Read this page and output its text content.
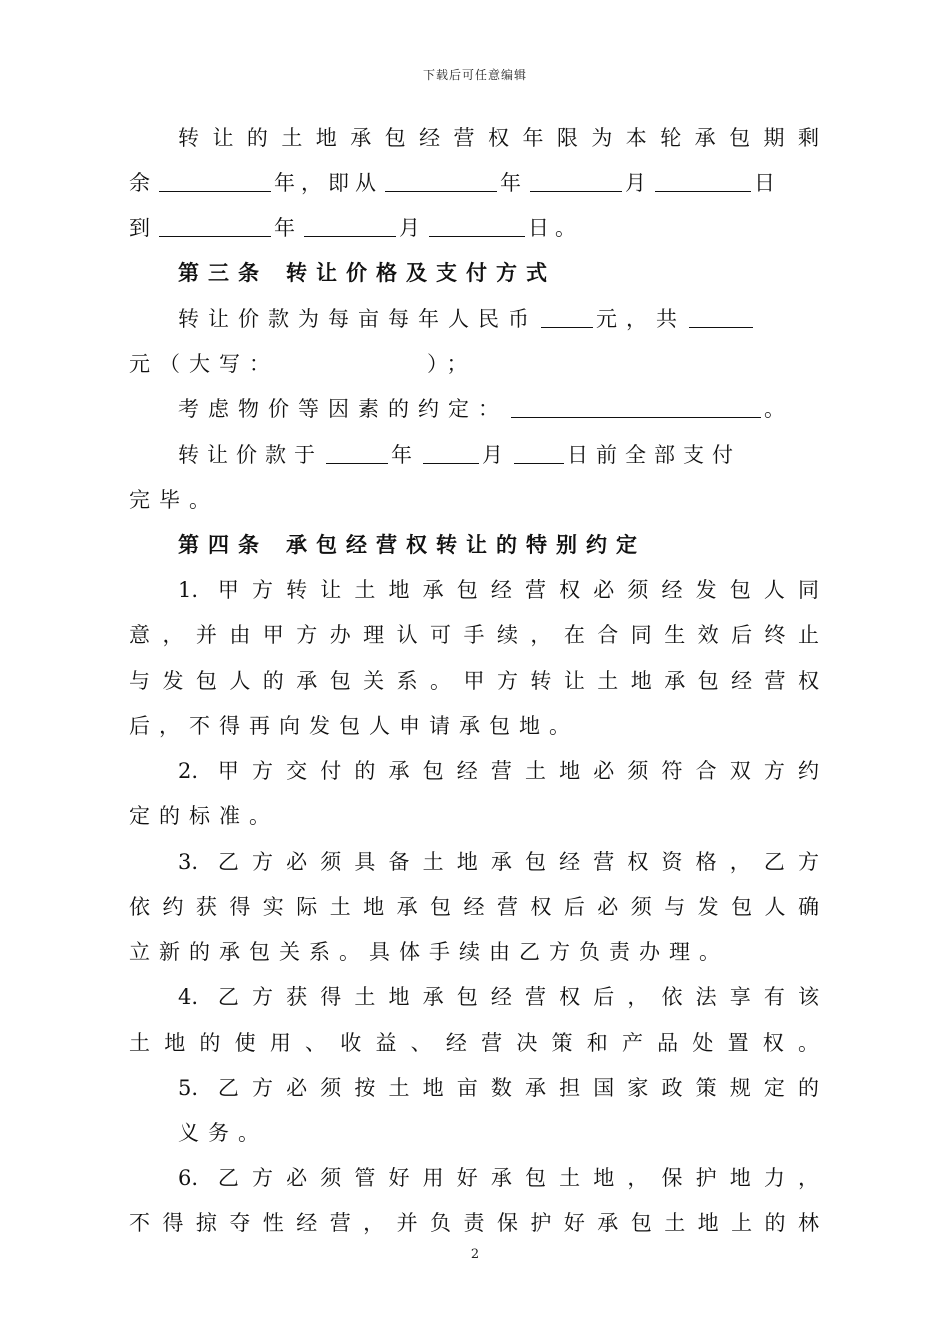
下载后可任意编辑
转让的土地承包经营权年限为本轮承包期剩
余	年，即从	年	月	日
到	年	月	日。
第三条 转让价格及支付方式
转让价款为每亩每年人民币	元，共
元（大写：	）；
考虑物价等因素的约定：	。
转让价款于	年	月	日前全部支付
完毕。
第四条 承包经营权转让的特别约定
1. 甲方转让土地承包经营权必须经发包人同
意，并由甲方办理认可手续，在合同生效后终止
与发包人的承包关系。甲方转让土地承包经营权
后，不得再向发包人申请承包地。
2. 甲方交付的承包经营土地必须符合双方约
定的标准。
3. 乙方必须具备土地承包经营权资格，乙方
依约获得实际土地承包经营权后必须与发包人确
立新的承包关系。具体手续由乙方负责办理。
4. 乙方获得土地承包经营权后，依法享有该
土地的使用、收益、经营决策和产品处置权。
5. 乙方必须按土地亩数承担国家政策规定的
义务。
6. 乙方必须管好用好承包土地，保护地力，
不得掠夺性经营，并负责保护好承包土地上的林
2
